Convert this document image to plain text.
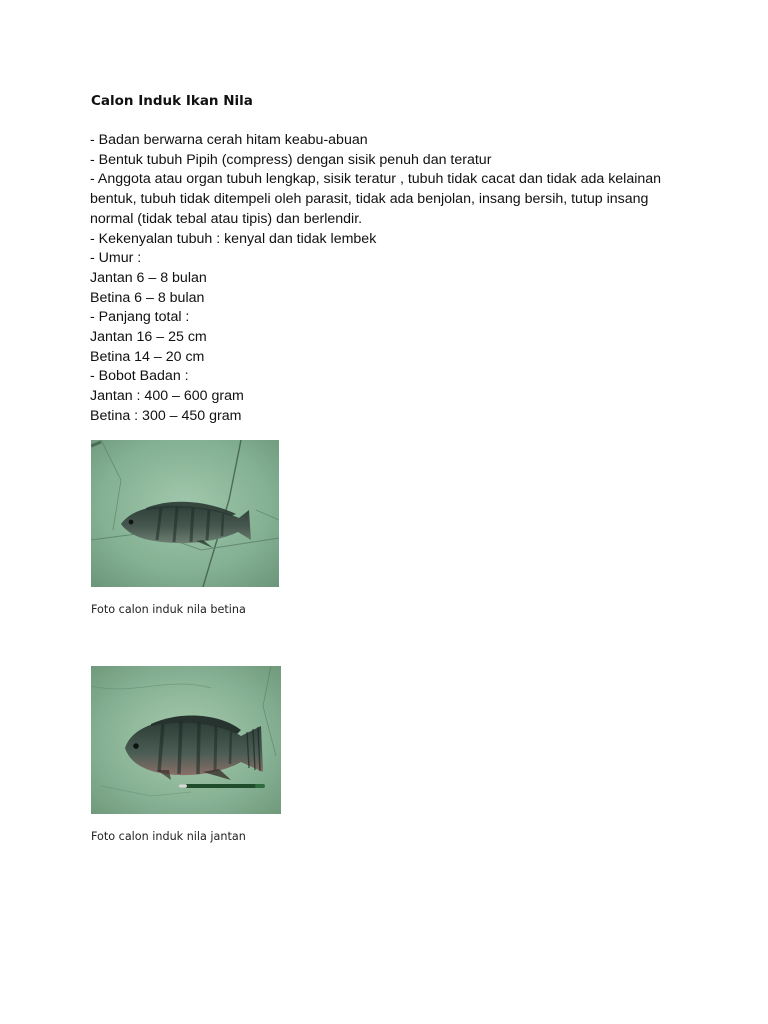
Calon Induk Ikan Nila
- Badan berwarna cerah hitam keabu-abuan
- Bentuk tubuh Pipih (compress) dengan sisik penuh dan teratur
- Anggota atau organ tubuh lengkap, sisik teratur , tubuh tidak cacat dan tidak ada kelainan
bentuk, tubuh tidak ditempeli oleh parasit, tidak ada benjolan, insang bersih, tutup insang
normal (tidak tebal atau tipis) dan berlendir.
- Kekenyalan tubuh : kenyal dan tidak lembek
- Umur :
Jantan 6 – 8 bulan
Betina 6 – 8 bulan
- Panjang total :
Jantan 16 – 25 cm
Betina 14 – 20 cm
- Bobot Badan :
Jantan : 400 – 600 gram
Betina : 300 – 450 gram
Foto calon induk nila betina
Foto calon induk nila jantan
